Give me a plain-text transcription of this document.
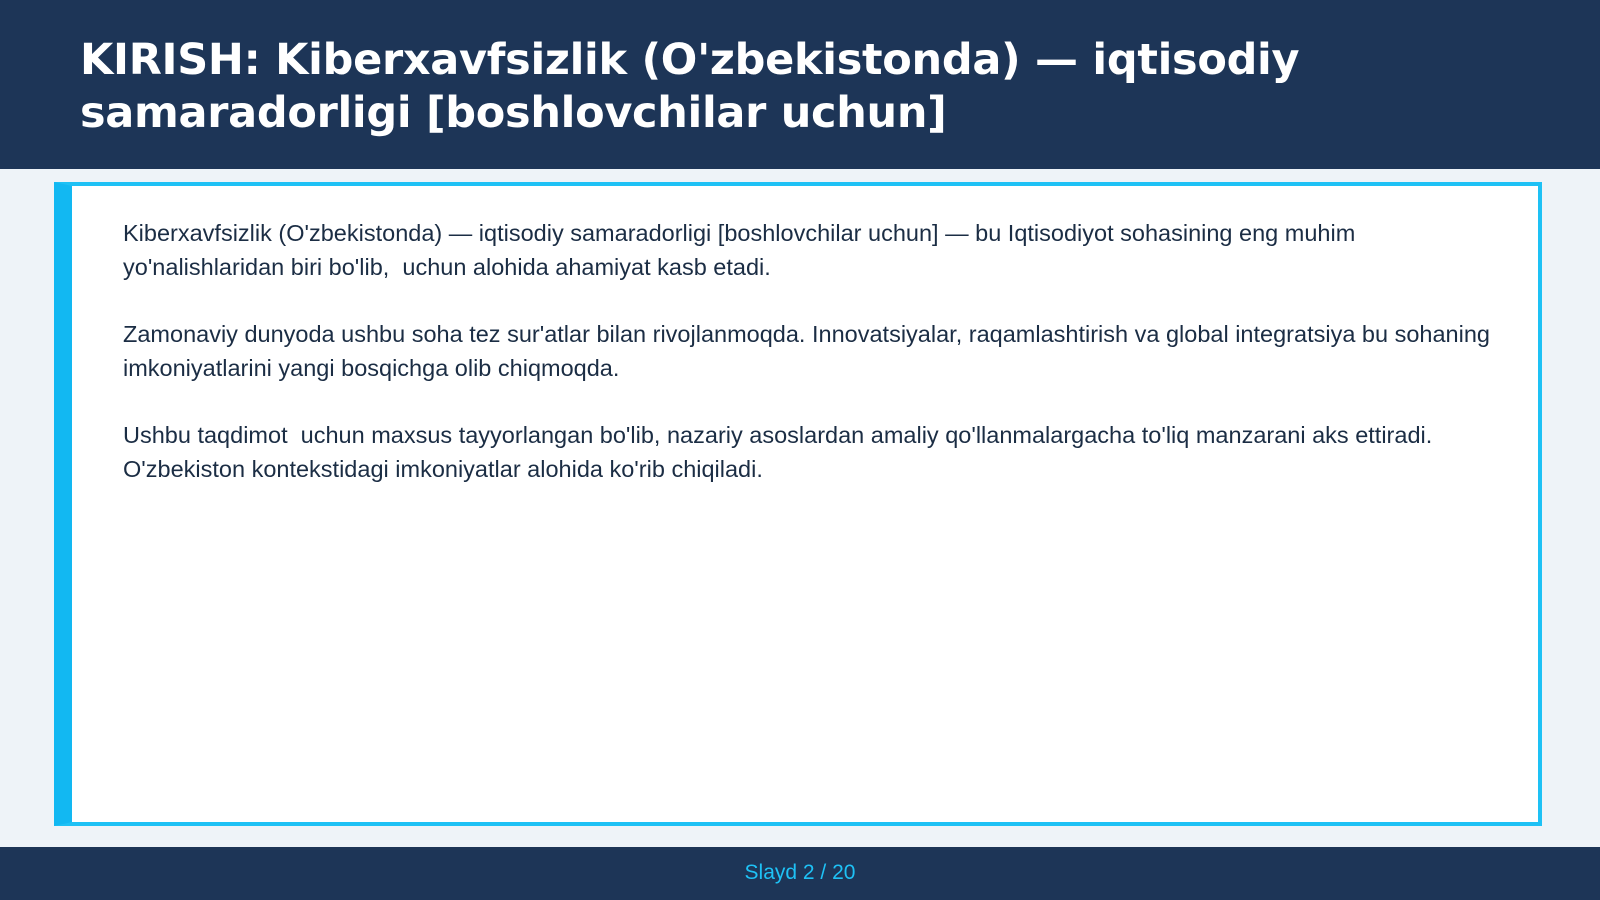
KIRISH: Kiberxavfsizlik (O'zbekistonda) — iqtisodiy samaradorligi [boshlovchilar uchun]

Kiberxavfsizlik (O'zbekistonda) — iqtisodiy samaradorligi [boshlovchilar uchun] — bu Iqtisodiyot sohasining eng muhim yo'nalishlaridan biri bo'lib,  uchun alohida ahamiyat kasb etadi.

Zamonaviy dunyoda ushbu soha tez sur'atlar bilan rivojlanmoqda. Innovatsiyalar, raqamlashtirish va global integratsiya bu sohaning imkoniyatlarini yangi bosqichga olib chiqmoqda.

Ushbu taqdimot  uchun maxsus tayyorlangan bo'lib, nazariy asoslardan amaliy qo'llanmalargacha to'liq manzarani aks ettiradi. O'zbekiston kontekstidagi imkoniyatlar alohida ko'rib chiqiladi.

Slayd 2 / 20
